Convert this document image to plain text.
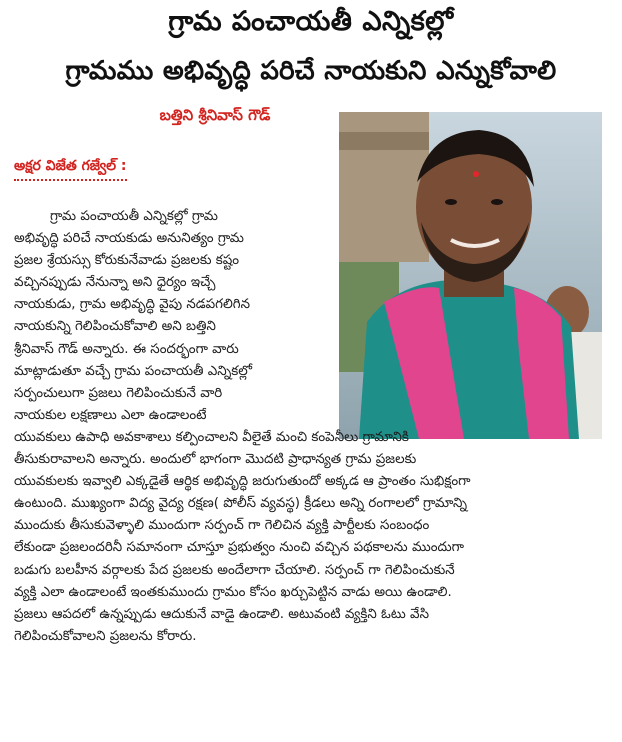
గ్రామ పంచాయతీ ఎన్నికల్లో
గ్రామము అభివృద్ధి పరిచే నాయకుని ఎన్నుకోవాలి
బత్తిని శ్రీనివాస్ గౌడ్
అక్షర విజేత గజ్వేల్ :
గ్రామ పంచాయతీ ఎన్నికల్లో గ్రామ
అభివృద్ధి పరిచే నాయకుడు అనునిత్యం గ్రామ
ప్రజల శ్రేయస్సు కోరుకునేవాడు ప్రజలకు కష్టం
వచ్చినప్పుడు నేనున్నా అని ధైర్యం ఇచ్చే
నాయకుడు, గ్రామ అభివృద్ధి వైపు నడపగలిగిన
నాయకున్ని గెలిపించుకోవాలి అని బత్తిని
శ్రీనివాస్ గౌడ్ అన్నారు. ఈ సందర్భంగా వారు
మాట్లాడుతూ వచ్చే గ్రామ పంచాయతీ ఎన్నికల్లో
సర్పంచులుగా ప్రజలు గెలిపించుకునే వారి
నాయకుల లక్షణాలు ఎలా ఉండాలంటే
యువకులు ఉపాధి అవకాశాలు కల్పించాలని వీలైతే మంచి కంపెనీలు గ్రామానికి
తీసుకురావాలని అన్నారు. అందులో భాగంగా మొదటి ప్రాధాన్యత గ్రామ ప్రజలకు
యువకులకు ఇవ్వాలి ఎక్కడైతే ఆర్థిక అభివృద్ధి జరుగుతుందో అక్కడ ఆ ప్రాంతం సుభిక్షంగా
ఉంటుంది. ముఖ్యంగా విద్య వైద్య రక్షణ( పోలీస్ వ్యవస్థ) క్రీడలు అన్ని రంగాలలో గ్రామాన్ని
ముందుకు తీసుకువెళ్ళాలి ముందుగా సర్పంచ్ గా గెలిచిన వ్యక్తి పార్టీలకు సంబంధం
లేకుండా ప్రజలందరినీ సమానంగా చూస్తూ ప్రభుత్వం నుంచి వచ్చిన పథకాలను ముందుగా
బడుగు బలహీన వర్గాలకు పేద ప్రజలకు అందేలాగా చేయాలి. సర్పంచ్ గా గెలిపించుకునే
వ్యక్తి ఎలా ఉండాలంటే ఇంతకుముందు గ్రామం కోసం ఖర్చుపెట్టిన వాడు అయి ఉండాలి.
ప్రజలు ఆపదలో ఉన్నప్పుడు ఆదుకునే వాడై ఉండాలి. అటువంటి వ్యక్తిని ఓటు వేసి
గెలిపించుకోవాలని ప్రజలను కోరారు.
